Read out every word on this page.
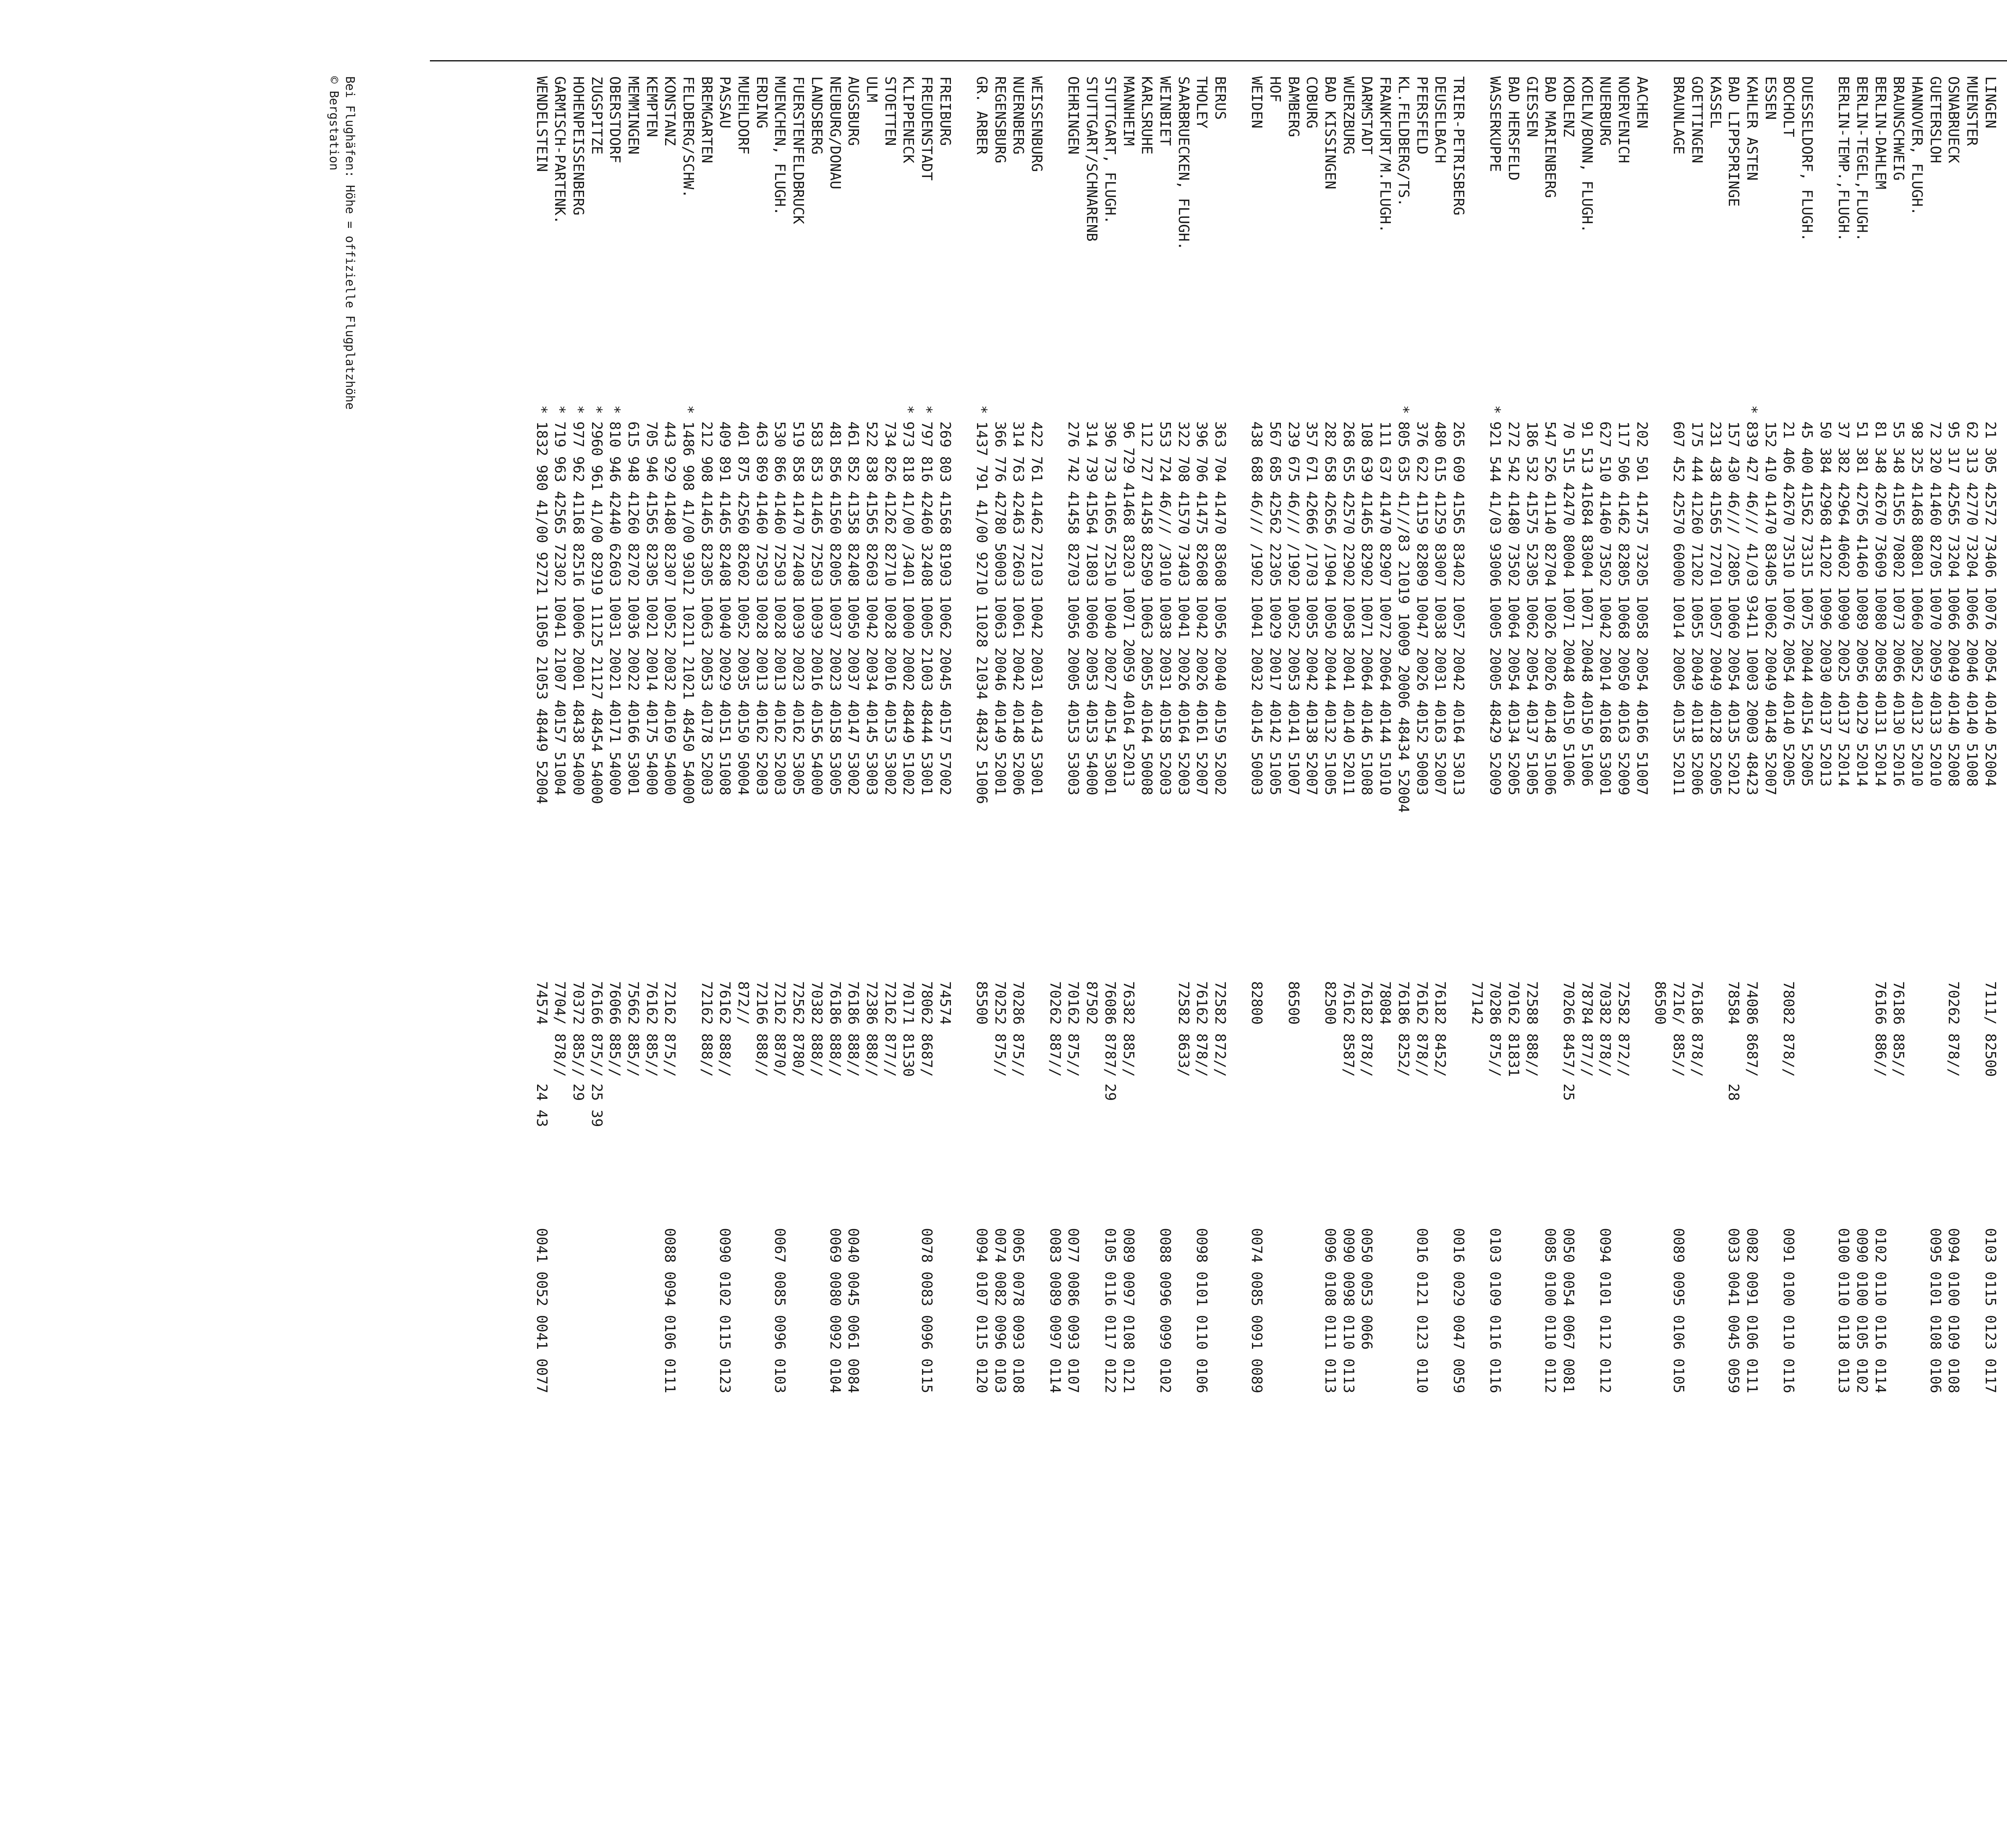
LINGEN
21 305 42572 73406 10076 20054 40140 52004
7111/ 82500
0103 0115 0123 0117
MUENSTER
62 313 42770 73204 10066 20046 40140 51008
OSNABRUECK
95 317 42565 73204 10066 20049 40140 52008
70262 878//
0094 0100 0109 0108
GUETERSLOH
72 320 41460 82705 10070 20059 40133 52010
0095 0101 0108 0106
HANNOVER, FLUGH.
98 325 41468 80801 10060 20052 40132 52010
BRAUNSCHWEIG
55 348 41565 70802 10073 20066 40130 52016
76186 885//
BERLIN-DAHLEM
81 348 42670 73609 10080 20058 40131 52014
76166 886//
0102 0110 0116 0114
BERLIN-TEGEL,FLUGH.
51 381 42765 41460 10089 20056 40129 52014
0090 0100 0105 0102
BERLIN-TEMP.,FLUGH.
37 382 42964 40602 10090 20025 40137 52014
0100 0110 0118 0113
50 384 42968 41202 10096 20030 40137 52013
DUESSELDORF, FLUGH.
45 400 41562 73315 10075 20044 40154 52005
BOCHOLT
21 406 42670 73510 10076 20054 40140 52005
78082 878//
0091 0100 0110 0116
ESSEN
152 410 41470 83405 10062 20049 40148 52007
KAHLER ASTEN
*
839 427 46/// 41/03 93411 10003 20003 48423
74086 8687/
0082 0091 0106 0111
BAD LIPPSPRINGE
157 430 46/// /2805 10060 20054 40135 52012
78584
28
0033 0041 0045 0059
KASSEL
231 438 41565 72701 10057 20049 40128 52005
GOETTINGEN
175 444 41260 71202 10055 20049 40118 52006
76186 878//
BRAUNLAGE
607 452 42570 60000 10014 20005 40135 52011
7216/ 885//
0089 0095 0106 0105
86500
AACHEN
202 501 41475 73205 10058 20054 40166 51007
NOERVENICH
117 506 41462 82805 10068 20050 40163 52009
72582 872//
NUERBURG
627 510 41460 73502 10042 20014 40168 53001
70382 878//
0094 0101 0112 0112
KOELN/BONN, FLUGH.
91 513 41684 83004 10071 20048 40150 51006
78784 877//
KOBLENZ
70 515 42470 80004 10071 20048 40150 51006
70266 8457/
25
0050 0054 0067 0081
BAD MARIENBERG
547 526 41140 82704 10026 20026 40148 51006
0085 0100 0110 0112
GIESSEN
186 532 41575 52305 10062 20054 40137 51005
72588 888//
BAD HERSFELD
272 542 41480 73502 10064 20054 40134 52005
70162 81831
WASSERKUPPE
*
921 544 41/03 93006 10005 20005 48429 52009
70286 875//
0103 0109 0116 0116
77142
TRIER-PETRISBERG
265 609 41565 83402 10057 20042 40164 53013
0016 0029 0047 0059
DEUSELBACH
480 615 41259 83007 10038 20031 40163 52007
76182 8452/
PFERSFELD
376 622 41159 82809 10047 20026 40152 50003
76162 878//
0016 0121 0123 0110
KL.FELDBERG/TS.
*
805 635 41///83 21019 10009 20006 48434 52004
76186 8252/
FRANKFURT/M.FLUGH.
111 637 41470 82907 10072 20064 40144 51010
78084
DARMSTADT
108 639 41465 82902 10071 20064 40146 51008
76182 878//
0050 0053 0066
WUERZBURG
268 655 42570 22902 10058 20041 40140 52011
76162 8587/
0090 0098 0110 0113
BAD KISSINGEN
282 658 42656 /1904 10050 20044 40132 51005
82500
0096 0108 0111 0113
COBURG
357 671 42666 /1703 10055 20042 40138 52007
BAMBERG
239 675 46/// /1902 10052 20053 40141 51007
86500
HOF
567 685 42562 22305 10029 20017 40142 51005
WEIDEN
438 688 46/// /1902 10041 20032 40145 50003
82800
0074 0085 0091 0089
BERUS
363 704 41470 83608 10056 20040 40159 52002
72582 872//
THOLEY
396 706 41475 82608 10042 20026 40161 52007
76162 878//
0098 0101 0110 0106
SAARBRUECKEN, FLUGH.
322 708 41570 73403 10041 20026 40164 52003
72582 8633/
WEINBIET
553 724 46/// /3010 10038 20031 40158 52003
0088 0096 0099 0102
KARLSRUHE
112 727 41458 82509 10063 20055 40164 50008
MANNHEIM
96 729 41468 83203 10071 20059 40164 52013
76382 885//
0089 0097 0108 0121
STUTTGART, FLUGH.
396 733 41665 72510 10040 20027 40154 53001
76086 8787/
29
0105 0116 0117 0122
STUTTGART/SCHNARENB
314 739 41564 71803 10060 20053 40153 54000
87502
OEHRINGEN
276 742 41458 82703 10056 20005 40153 53003
70162 875//
0077 0086 0093 0107
70262 887//
0083 0089 0097 0114
WEISSENBURG
422 761 41462 72103 10042 20031 40143 53001
NUERNBERG
314 763 42463 72603 10061 20042 40148 52006
70286 875//
0065 0078 0093 0108
REGENSBURG
366 776 42780 50003 10063 20046 40149 52001
70252 875//
0074 0082 0096 0103
GR. ARBER
*
1437 791 41/00 92710 11028 21034 48432 51006
85500
0094 0107 0115 0120
FREIBURG
269 803 41568 81903 10062 20045 40157 57002
74574
FREUDENSTADT
*
797 816 42460 32408 10005 21003 48444 53001
78062 8687/
0078 0083 0096 0115
KLIPPENECK
*
973 818 41/00 /3401 10000 20002 48449 51002
70171 81530
STOETTEN
734 826 41262 82710 10028 20016 40153 53002
72162 877//
ULM
522 838 41565 82603 10042 20034 40145 53003
72386 888//
AUGSBURG
461 852 41358 82408 10050 20037 40147 53002
76186 888//
0040 0045 0061 0084
NEUBURG/DONAU
481 856 41560 82005 10037 20023 40158 53005
76186 888//
0069 0080 0092 0104
LANDSBERG
583 853 41465 72503 10039 20016 40156 54000
70382 888//
FUERSTENFELDBRUCK
519 858 41470 72408 10039 20023 40162 53005
72562 8780/
MUENCHEN, FLUGH.
530 866 41460 72503 10028 20013 40162 52003
72162 8870/
0067 0085 0096 0103
ERDING
463 869 41460 72503 10028 20013 40162 52003
72166 888//
MUEHLDORF
401 875 42560 82602 10052 20035 40150 50004
872//
PASSAU
409 891 41465 82408 10040 20029 40151 51008
76162 888//
0090 0102 0115 0123
BREMGARTEN
212 908 41465 82305 10063 20053 40178 52003
72162 888//
FELDBERG/SCHW.
*
1486 908 41/00 93012 10211 21021 48450 54000
KONSTANZ
443 929 41480 82307 10052 20032 40169 54000
72162 875//
0088 0094 0106 0111
KEMPTEN
705 946 41565 82305 10021 20014 40175 54000
76162 885//
MEMMINGEN
615 948 41260 82702 10036 20022 40166 53001
75662 885//
OBERSTDORF
*
810 946 42440 62603 10031 20021 40171 54000
76066 885//
ZUGSPITZE
*
2960 961 41/00 82919 11125 21127 48454 54000
76166 875//
25 39
HOHENPEISSENBERG
*
977 962 41168 82516 10006 20001 48438 54000
70372 885//
29
GARMISCH-PARTENK.
*
719 963 42565 72302 10041 21007 40157 51004
7704/ 878//
WENDELSTEIN
*
1832 980 41/00 92721 11050 21053 48449 52004
74574
24 43
0041 0052 0041 0077
Bei Flughäfen: Höhe = offizielle Flugplatzhöhe
© Bergstation
